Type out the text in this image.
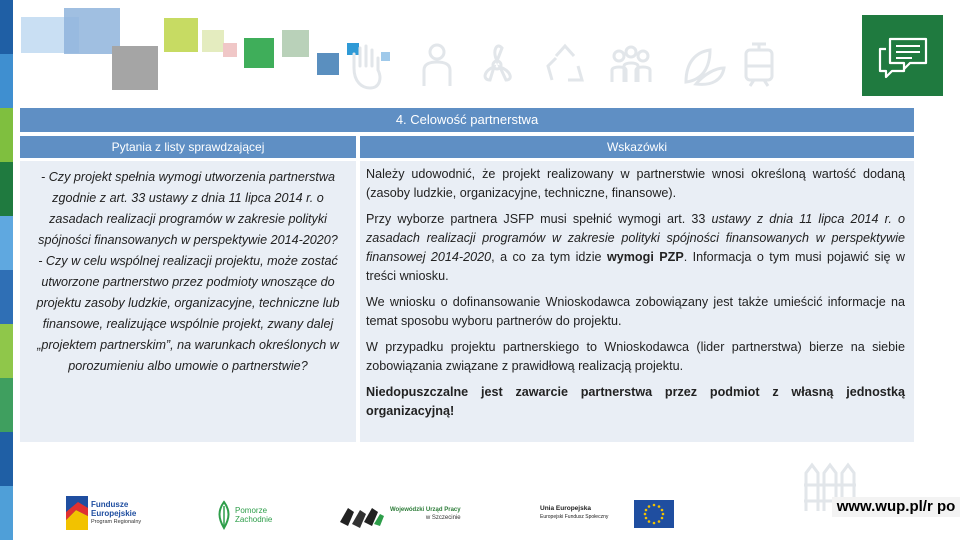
4. Celowość partnerstwa
Pytania z listy sprawdzającej	Wskazówki
- Czy projekt spełnia wymogi utworzenia partnerstwa zgodnie z art. 33 ustawy z dnia 11 lipca 2014 r. o zasadach realizacji programów w zakresie polityki spójności finansowanych w perspektywie 2014-2020?
- Czy w celu wspólnej realizacji projektu, może zostać utworzone partnerstwo przez podmioty wnoszące do projektu zasoby ludzkie, organizacyjne, techniczne lub finansowe, realizujące wspólnie projekt, zwany dalej „projektem partnerskim”, na warunkach określonych w porozumieniu albo umowie o partnerstwie?

Należy udowodnić, że projekt realizowany w partnerstwie wnosi określoną wartość dodaną (zasoby ludzkie, organizacyjne, techniczne, finansowe).

Przy wyborze partnera JSFP musi spełnić wymogi art. 33 ustawy z dnia 11 lipca 2014 r. o zasadach realizacji programów w zakresie polityki spójności finansowanych w perspektywie finansowej 2014-2020, a co za tym idzie wymogi PZP. Informacja o tym musi pojawić się w treści wniosku.

We wniosku o dofinansowanie Wnioskodawca zobowiązany jest także umieścić informacje na temat sposobu wyboru partnerów do projektu.

W przypadku projektu partnerskiego to Wnioskodawca (lider partnerstwa) bierze na siebie zobowiązania związane z prawidłową realizacją projektu.

Niedopuszczalne jest zawarcie partnerstwa przez podmiot z własną jednostką organizacyjną!

Fundusze
Europejskie
Program Regionalny
Pomorze
Zachodnie
Wojewódzki Urząd Pracy
w Szczecinie
Unia Europejska
Europejski Fundusz Społeczny
www.wup.pl/r po
